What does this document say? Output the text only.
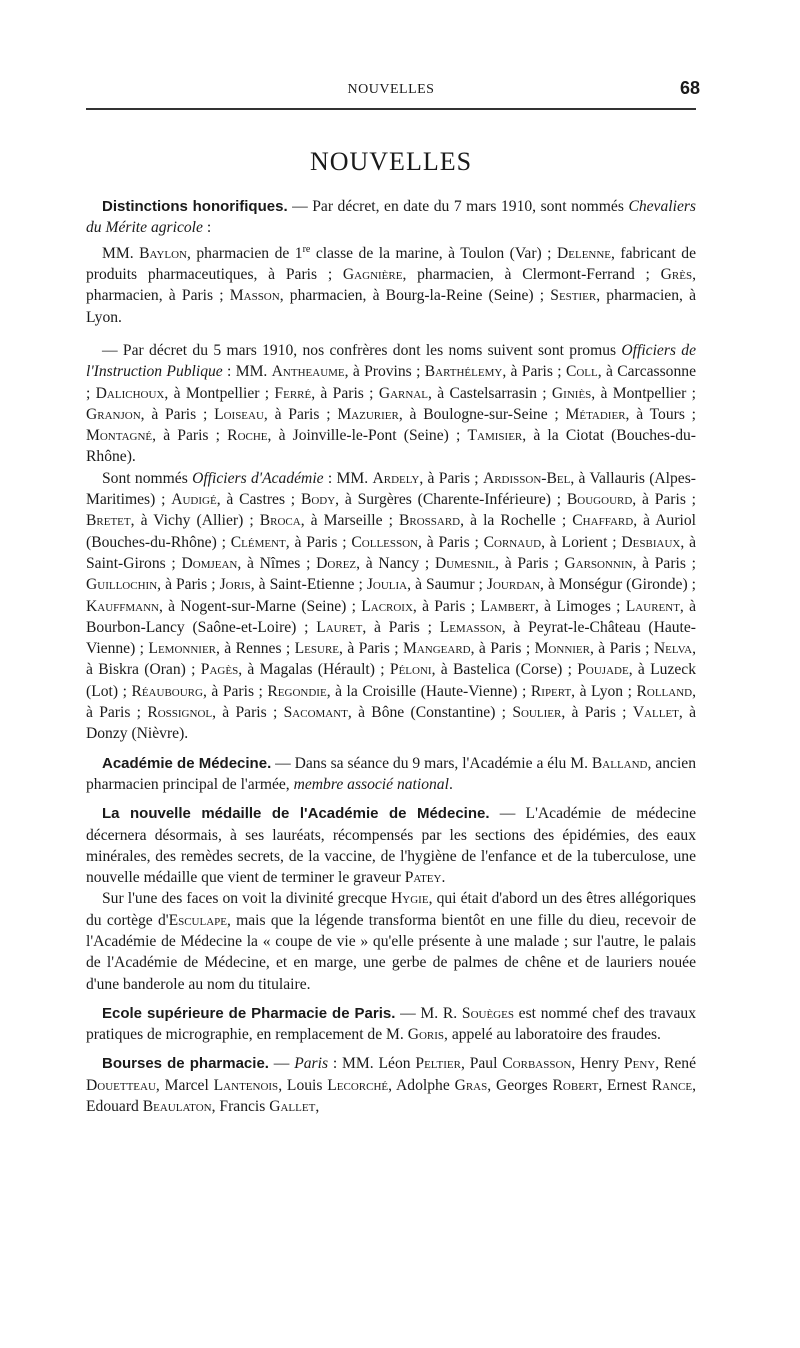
NOUVELLES	68
NOUVELLES

Distinctions honorifiques. — Par décret, en date du 7 mars 1910, sont nommés Chevaliers du Mérite agricole :

MM. Baylon, pharmacien de 1re classe de la marine, à Toulon (Var) ; Delenne, fabricant de produits pharmaceutiques, à Paris ; Gagnière, pharmacien, à Clermont-Ferrand ; Grès, pharmacien, à Paris ; Masson, pharmacien, à Bourg-la-Reine (Seine) ; Sestier, pharmacien, à Lyon.

— Par décret du 5 mars 1910, nos confrères dont les noms suivent sont promus Officiers de l'Instruction Publique : MM. Antheaume, à Provins ; Barthélemy, à Paris ; Coll, à Carcassonne ; Dalichoux, à Montpellier ; Ferré, à Paris ; Garnal, à Castelsarrasin ; Giniès, à Montpellier ; Granjon, à Paris ; Loiseau, à Paris ; Mazurier, à Boulogne-sur-Seine ; Métadier, à Tours ; Montagné, à Paris ; Roche, à Joinville-le-Pont (Seine) ; Tamisier, à la Ciotat (Bouches-du-Rhône).

Sont nommés Officiers d'Académie : MM. Ardely, à Paris ; Ardisson-Bel, à Vallauris (Alpes-Maritimes) ; Audigé, à Castres ; Body, à Surgères (Charente-Inférieure) ; Bougourd, à Paris ; Bretet, à Vichy (Allier) ; Broca, à Marseille ; Brossard, à la Rochelle ; Chaffard, à Auriol (Bouches-du-Rhône) ; Clément, à Paris ; Collesson, à Paris ; Cornaud, à Lorient ; Desbiaux, à Saint-Girons ; Domjean, à Nîmes ; Dorez, à Nancy ; Dumesnil, à Paris ; Garsonnin, à Paris ; Guillochin, à Paris ; Joris, à Saint-Etienne ; Joulia, à Saumur ; Jourdan, à Monségur (Gironde) ; Kauffmann, à Nogent-sur-Marne (Seine) ; Lacroix, à Paris ; Lambert, à Limoges ; Laurent, à Bourbon-Lancy (Saône-et-Loire) ; Lauret, à Paris ; Lemasson, à Peyrat-le-Château (Haute-Vienne) ; Lemonnier, à Rennes ; Lesure, à Paris ; Mangeard, à Paris ; Monnier, à Paris ; Nelva, à Biskra (Oran) ; Pagès, à Magalas (Hérault) ; Péloni, à Bastelica (Corse) ; Poujade, à Luzeck (Lot) ; Réaubourg, à Paris ; Regondie, à la Croisille (Haute-Vienne) ; Ripert, à Lyon ; Rolland, à Paris ; Rossignol, à Paris ; Sacomant, à Bône (Constantine) ; Soulier, à Paris ; Vallet, à Donzy (Nièvre).

Académie de Médecine. — Dans sa séance du 9 mars, l'Académie a élu M. Balland, ancien pharmacien principal de l'armée, membre associé national.

La nouvelle médaille de l'Académie de Médecine. — L'Académie de médecine décernera désormais, à ses lauréats, récompensés par les sections des épidémies, des eaux minérales, des remèdes secrets, de la vaccine, de l'hygiène de l'enfance et de la tuberculose, une nouvelle médaille que vient de terminer le graveur Patey.

Sur l'une des faces on voit la divinité grecque Hygie, qui était d'abord un des êtres allégoriques du cortège d'Esculape, mais que la légende transforma bientôt en une fille du dieu, recevoir de l'Académie de Médecine la « coupe de vie » qu'elle présente à une malade ; sur l'autre, le palais de l'Académie de Médecine, et en marge, une gerbe de palmes de chêne et de lauriers nouée d'une banderole au nom du titulaire.

Ecole supérieure de Pharmacie de Paris. — M. R. Souèges est nommé chef des travaux pratiques de micrographie, en remplacement de M. Goris, appelé au laboratoire des fraudes.

Bourses de pharmacie. — Paris : MM. Léon Peltier, Paul Corbasson, Henry Peny, René Douetteau, Marcel Lantenois, Louis Lecorché, Adolphe Gras, Georges Robert, Ernest Rance, Edouard Beaulaton, Francis Gallet,
